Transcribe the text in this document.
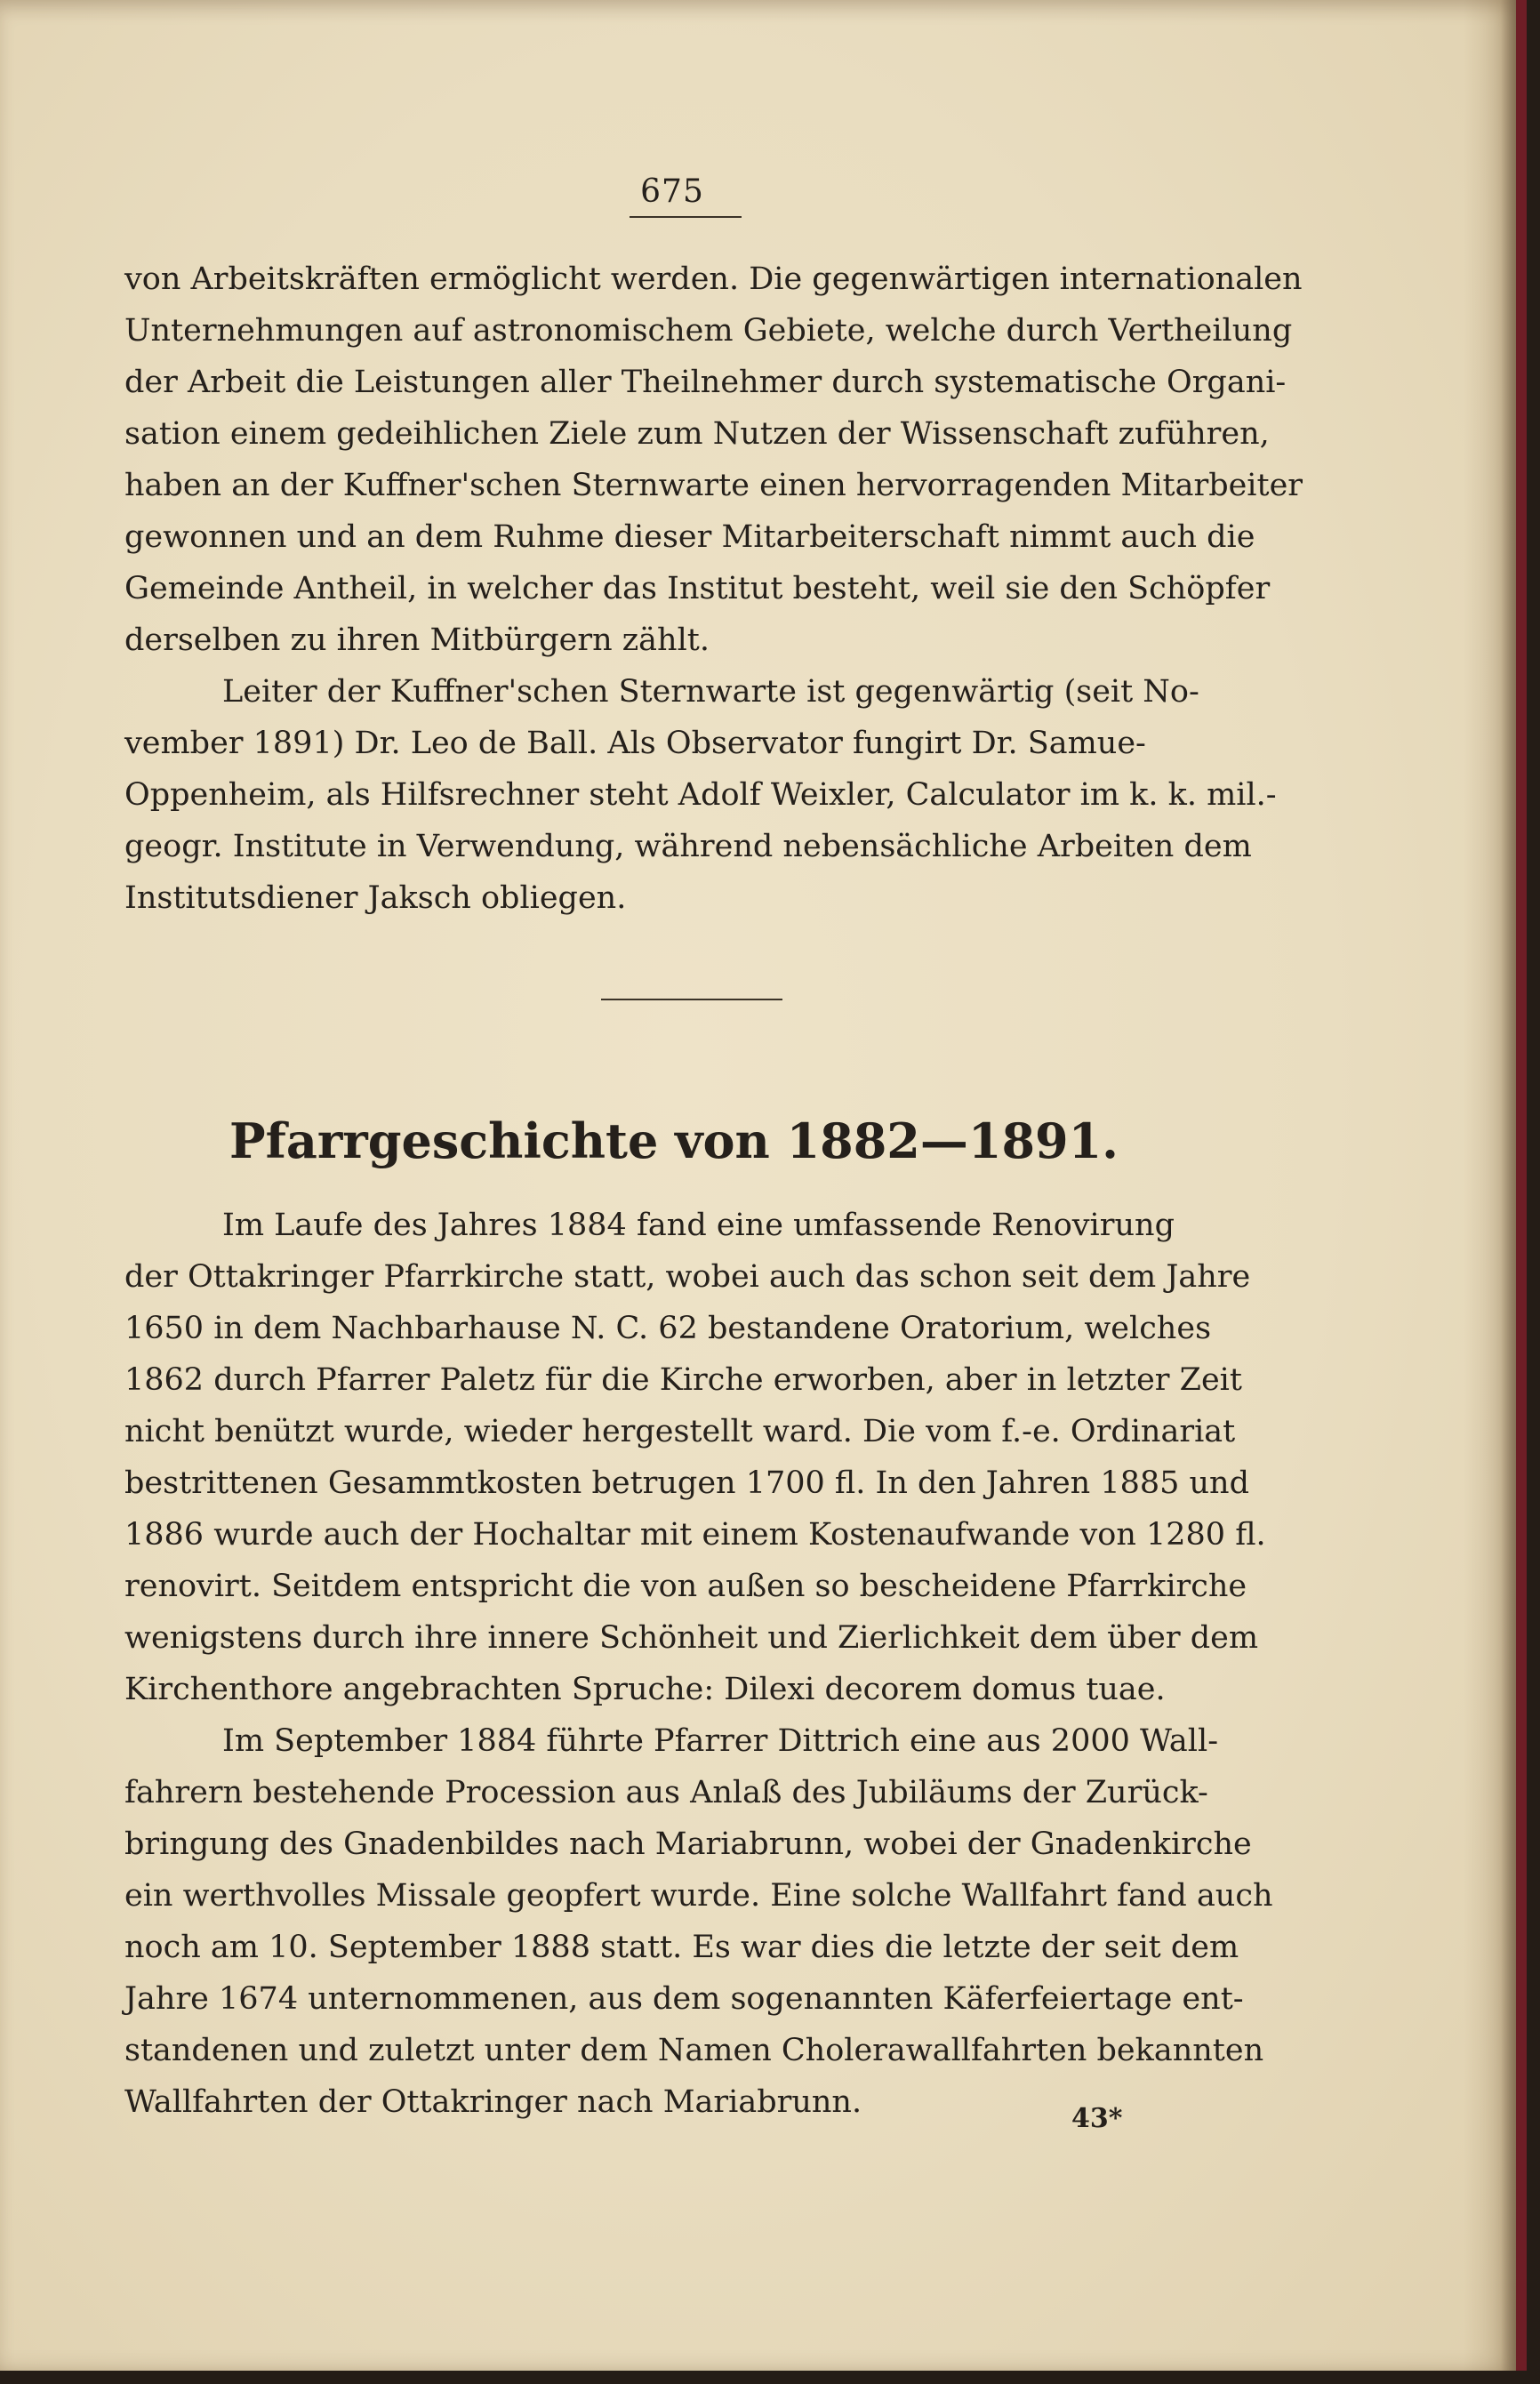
675
von Arbeitskräften ermöglicht werden. Die gegenwärtigen internationalen
Unternehmungen auf astronomischem Gebiete, welche durch Vertheilung
der Arbeit die Leistungen aller Theilnehmer durch systematische Organi-
sation einem gedeihlichen Ziele zum Nutzen der Wissenschaft zuführen,
haben an der Kuffner'schen Sternwarte einen hervorragenden Mitarbeiter
gewonnen und an dem Ruhme dieser Mitarbeiterschaft nimmt auch die
Gemeinde Antheil, in welcher das Institut besteht, weil sie den Schöpfer
derselben zu ihren Mitbürgern zählt.
Leiter der Kuffner'schen Sternwarte ist gegenwärtig (seit No-
vember 1891) Dr. Leo de Ball. Als Observator fungirt Dr. Samue-
Oppenheim, als Hilfsrechner steht Adolf Weixler, Calculator im k. k. mil.-
geogr. Institute in Verwendung, während nebensächliche Arbeiten dem
Institutsdiener Jaksch obliegen.
Pfarrgeschichte von 1882—1891.
Im Laufe des Jahres 1884 fand eine umfassende Renovirung
der Ottakringer Pfarrkirche statt, wobei auch das schon seit dem Jahre
1650 in dem Nachbarhause N. C. 62 bestandene Oratorium, welches
1862 durch Pfarrer Paletz für die Kirche erworben, aber in letzter Zeit
nicht benützt wurde, wieder hergestellt ward. Die vom f.-e. Ordinariat
bestrittenen Gesammtkosten betrugen 1700 fl. In den Jahren 1885 und
1886 wurde auch der Hochaltar mit einem Kostenaufwande von 1280 fl.
renovirt. Seitdem entspricht die von außen so bescheidene Pfarrkirche
wenigstens durch ihre innere Schönheit und Zierlichkeit dem über dem
Kirchenthore angebrachten Spruche: Dilexi decorem domus tuae.
Im September 1884 führte Pfarrer Dittrich eine aus 2000 Wall-
fahrern bestehende Procession aus Anlaß des Jubiläums der Zurück-
bringung des Gnadenbildes nach Mariabrunn, wobei der Gnadenkirche
ein werthvolles Missale geopfert wurde. Eine solche Wallfahrt fand auch
noch am 10. September 1888 statt. Es war dies die letzte der seit dem
Jahre 1674 unternommenen, aus dem sogenannten Käferfeiertage ent-
standenen und zuletzt unter dem Namen Cholerawallfahrten bekannten
Wallfahrten der Ottakringer nach Mariabrunn.	43*
